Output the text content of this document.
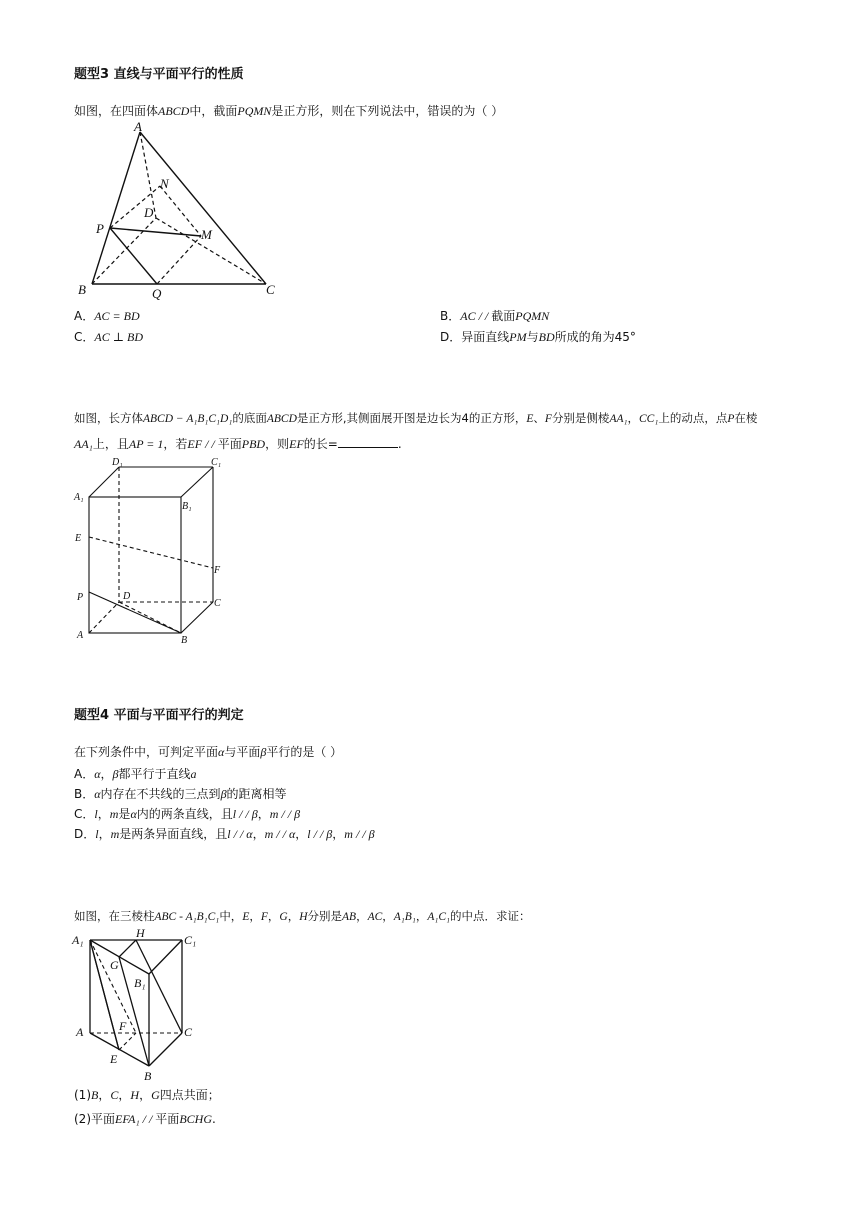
题型3 直线与平面平行的性质
如图，在四面体ABCD中，截面PQMN是正方形，则在下列说法中，错误的为（ ）
A
N
D
P	M
B	Q	C
A．AC = BD	B．AC / / 截面PQMN
C．AC ⊥ BD	D．异面直线PM与BD所成的角为45°
如图，长方体ABCD − A₁B₁C₁D₁的底面ABCD是正方形,其侧面展开图是边长为4的正方形，E、F分别是侧棱AA₁，CC₁上的动点，点P在棱
AA₁上，且AP = 1，若EF / / 平面PBD，则EF的长=	.
D₁	C₁
A₁
B₁
E
F
P	D
C
A	B
题型4 平面与平面平行的判定
在下列条件中，可判定平面α与平面β平行的是（ ）
A．α，β都平行于直线a
B．α内存在不共线的三点到β的距离相等
C．l，m是α内的两条直线，且l / / β，m / / β
D．l，m是两条异面直线，且l / / α，m / / α，l / / β，m / / β
如图，在三棱柱ABC - A₁B₁C₁中，E，F，G，H分别是AB，AC，A₁B₁，A₁C₁的中点．求证：
A₁	H	C₁
G
B₁
A	F	C
E
B
(1)B，C，H，G四点共面；
(2)平面EFA₁ / / 平面BCHG.
